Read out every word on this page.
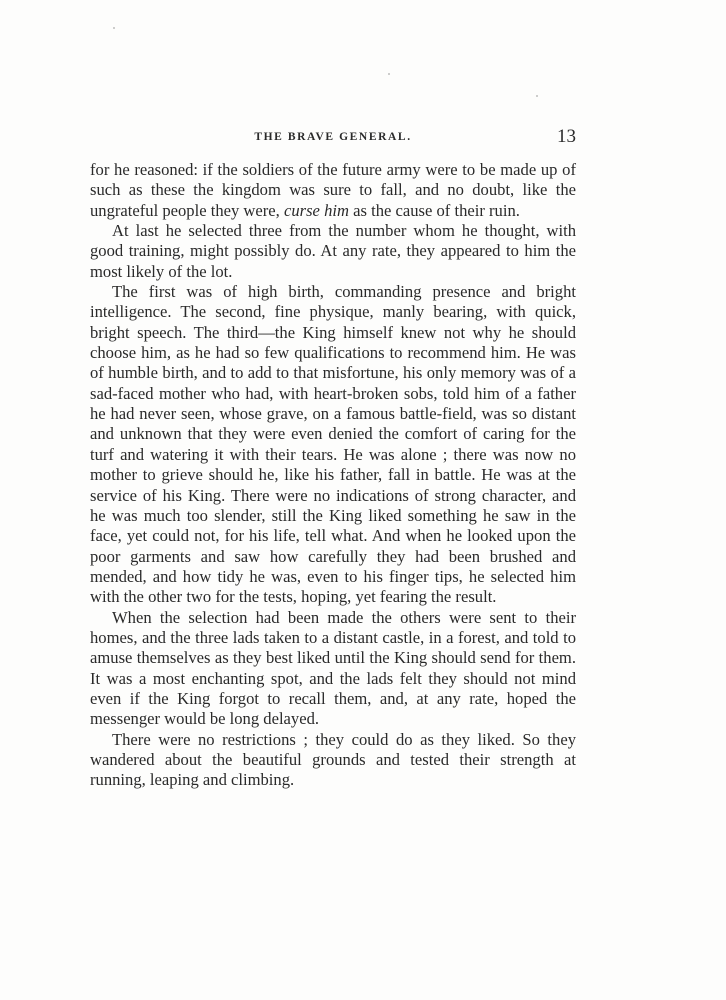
THE BRAVE GENERAL.	13

for he reasoned: if the soldiers of the future army were to be made up of such as these the kingdom was sure to fall, and no doubt, like the ungrateful people they were, curse him as the cause of their ruin.

At last he selected three from the number whom he thought, with good training, might possibly do. At any rate, they appeared to him the most likely of the lot.

The first was of high birth, commanding presence and bright intelligence. The second, fine physique, manly bearing, with quick, bright speech. The third—the King himself knew not why he should choose him, as he had so few qualifications to recommend him. He was of humble birth, and to add to that misfortune, his only memory was of a sad-faced mother who had, with heart-broken sobs, told him of a father he had never seen, whose grave, on a famous battle-field, was so distant and unknown that they were even denied the comfort of caring for the turf and watering it with their tears. He was alone ; there was now no mother to grieve should he, like his father, fall in battle. He was at the service of his King. There were no indications of strong character, and he was much too slender, still the King liked something he saw in the face, yet could not, for his life, tell what. And when he looked upon the poor garments and saw how carefully they had been brushed and mended, and how tidy he was, even to his finger tips, he selected him with the other two for the tests, hoping, yet fearing the result.

When the selection had been made the others were sent to their homes, and the three lads taken to a distant castle, in a forest, and told to amuse themselves as they best liked until the King should send for them. It was a most enchanting spot, and the lads felt they should not mind even if the King forgot to recall them, and, at any rate, hoped the messenger would be long delayed.

There were no restrictions ; they could do as they liked. So they wandered about the beautiful grounds and tested their strength at running, leaping and climbing.
